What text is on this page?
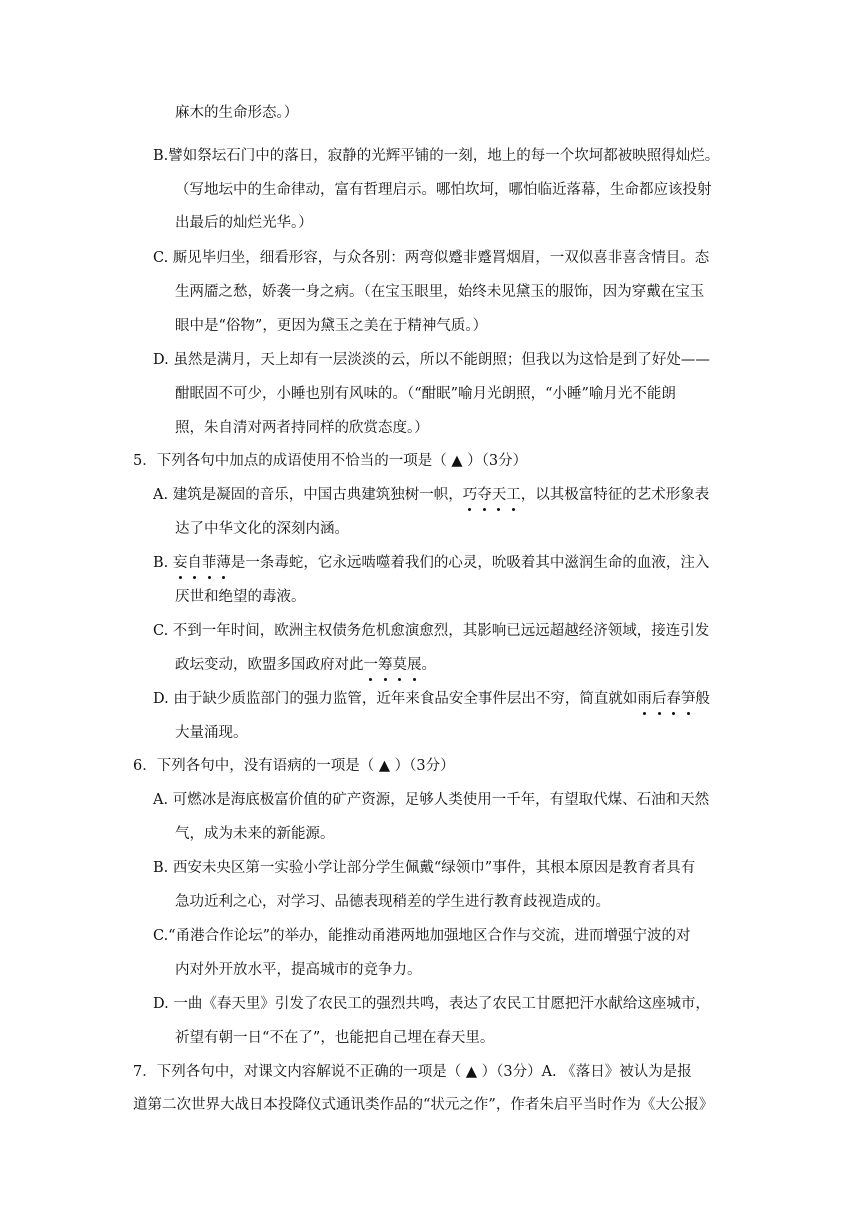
麻木的生命形态。）
B.譬如祭坛石门中的落日，寂静的光辉平铺的一刻，地上的每一个坎坷都被映照得灿烂。
（写地坛中的生命律动，富有哲理启示。哪怕坎坷，哪怕临近落幕，生命都应该投射
出最后的灿烂光华。）
C. 厮见毕归坐，细看形容，与众各别：两弯似蹙非蹙罥烟眉，一双似喜非喜含情目。态
生两靥之愁，娇袭一身之病。（在宝玉眼里，始终未见黛玉的服饰，因为穿戴在宝玉
眼中是“俗物”，更因为黛玉之美在于精神气质。）
D. 虽然是满月，天上却有一层淡淡的云，所以不能朗照；但我以为这恰是到了好处——
酣眠固不可少，小睡也别有风味的。（“酣眠”喻月光朗照，“小睡”喻月光不能朗
照，朱自清对两者持同样的欣赏态度。）
5．下列各句中加点的成语使用不恰当的一项是（ ▲ ）（3分）
A. 建筑是凝固的音乐，中国古典建筑独树一帜，巧夺天工，以其极富特征的艺术形象表
达了中华文化的深刻内涵。
B. 妄自菲薄是一条毒蛇，它永远啮噬着我们的心灵，吮吸着其中滋润生命的血液，注入
厌世和绝望的毒液。
C. 不到一年时间，欧洲主权债务危机愈演愈烈，其影响已远远超越经济领域，接连引发
政坛变动，欧盟多国政府对此一筹莫展。
D. 由于缺少质监部门的强力监管，近年来食品安全事件层出不穷，简直就如雨后春笋般
大量涌现。
6．下列各句中，没有语病的一项是（ ▲ ）（3分）
A. 可燃冰是海底极富价值的矿产资源，足够人类使用一千年，有望取代煤、石油和天然
气，成为未来的新能源。
B. 西安未央区第一实验小学让部分学生佩戴“绿领巾”事件，其根本原因是教育者具有
急功近利之心，对学习、品德表现稍差的学生进行教育歧视造成的。
C.“甬港合作论坛”的举办，能推动甬港两地加强地区合作与交流，进而增强宁波的对
内对外开放水平，提高城市的竞争力。
D. 一曲《春天里》引发了农民工的强烈共鸣，表达了农民工甘愿把汗水献给这座城市，
祈望有朝一日“不在了”，也能把自己埋在春天里。
7．下列各句中，对课文内容解说不正确的一项是（ ▲ ）（3分）A. 《落日》被认为是报
道第二次世界大战日本投降仪式通讯类作品的“状元之作”，作者朱启平当时作为《大公报》
